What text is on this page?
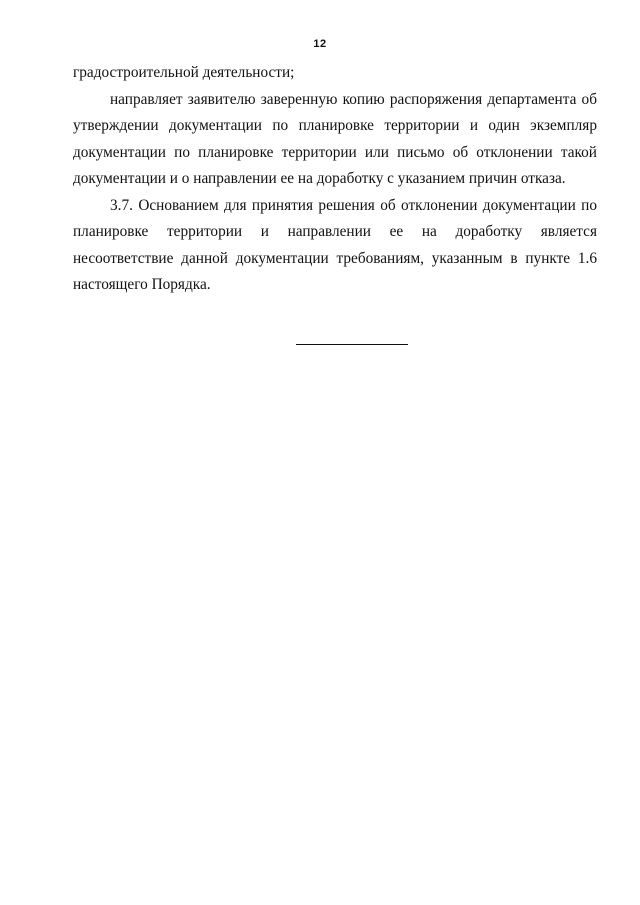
12

градостроительной деятельности;

направляет заявителю заверенную копию распоряжения департамента об утверждении документации по планировке территории и один экземпляр документации по планировке территории или письмо об отклонении такой документации и о направлении ее на доработку с указанием причин отказа.

3.7. Основанием для принятия решения об отклонении документации по планировке территории и направлении ее на доработку является несоответствие данной документации требованиям, указанным в пункте 1.6 настоящего Порядка.
